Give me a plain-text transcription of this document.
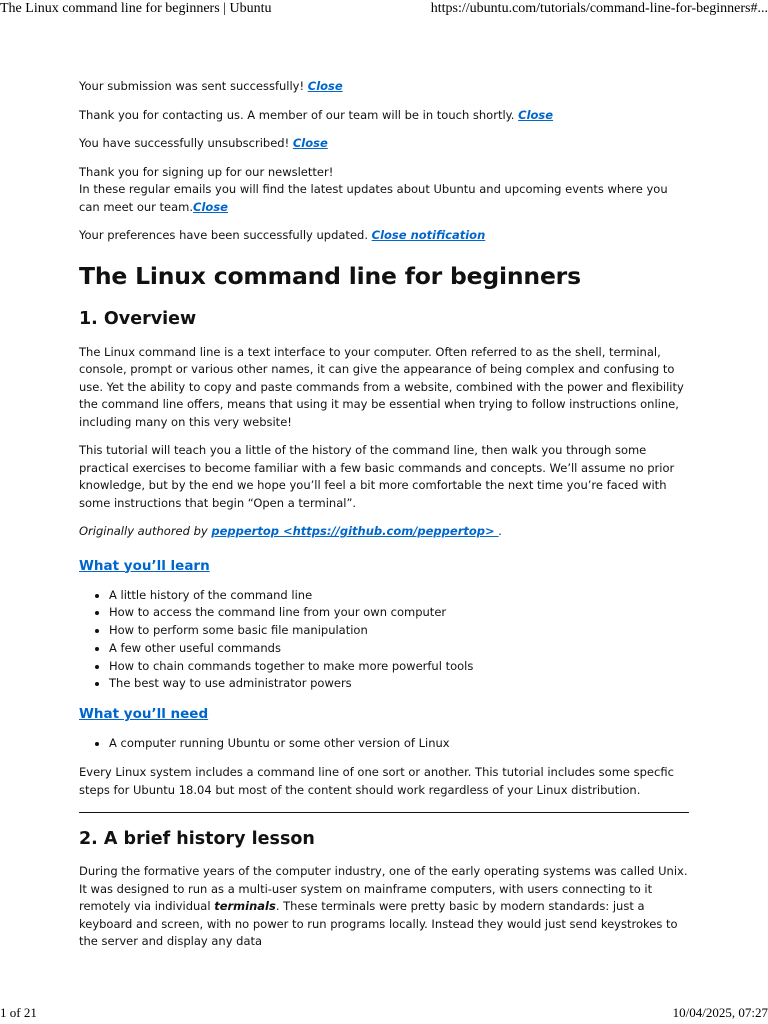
The Linux command line for beginners | Ubuntu	https://ubuntu.com/tutorials/command-line-for-beginners#...
Your submission was sent successfully! Close
Thank you for contacting us. A member of our team will be in touch shortly. Close
You have successfully unsubscribed! Close
Thank you for signing up for our newsletter!
In these regular emails you will find the latest updates about Ubuntu and upcoming events where you can meet our team.Close
Your preferences have been successfully updated. Close notification
The Linux command line for beginners
1. Overview

The Linux command line is a text interface to your computer. Often referred to as the shell, terminal, console, prompt or various other names, it can give the appearance of being complex and confusing to use. Yet the ability to copy and paste commands from a website, combined with the power and flexibility the command line offers, means that using it may be essential when trying to follow instructions online, including many on this very website!

This tutorial will teach you a little of the history of the command line, then walk you through some practical exercises to become familiar with a few basic commands and concepts. We’ll assume no prior knowledge, but by the end we hope you’ll feel a bit more comfortable the next time you’re faced with some instructions that begin “Open a terminal”.

Originally authored by peppertop <https://github.com/peppertop> .

What you’ll learn
• A little history of the command line
• How to access the command line from your own computer
• How to perform some basic file manipulation
• A few other useful commands
• How to chain commands together to make more powerful tools
• The best way to use administrator powers
What you’ll need
• A computer running Ubuntu or some other version of Linux

Every Linux system includes a command line of one sort or another. This tutorial includes some specfic steps for Ubuntu 18.04 but most of the content should work regardless of your Linux distribution.

2. A brief history lesson

During the formative years of the computer industry, one of the early operating systems was called Unix. It was designed to run as a multi-user system on mainframe computers, with users connecting to it remotely via individual terminals. These terminals were pretty basic by modern standards: just a keyboard and screen, with no power to run programs locally. Instead they would just send keystrokes to the server and display any data

1 of 21	10/04/2025, 07:27
